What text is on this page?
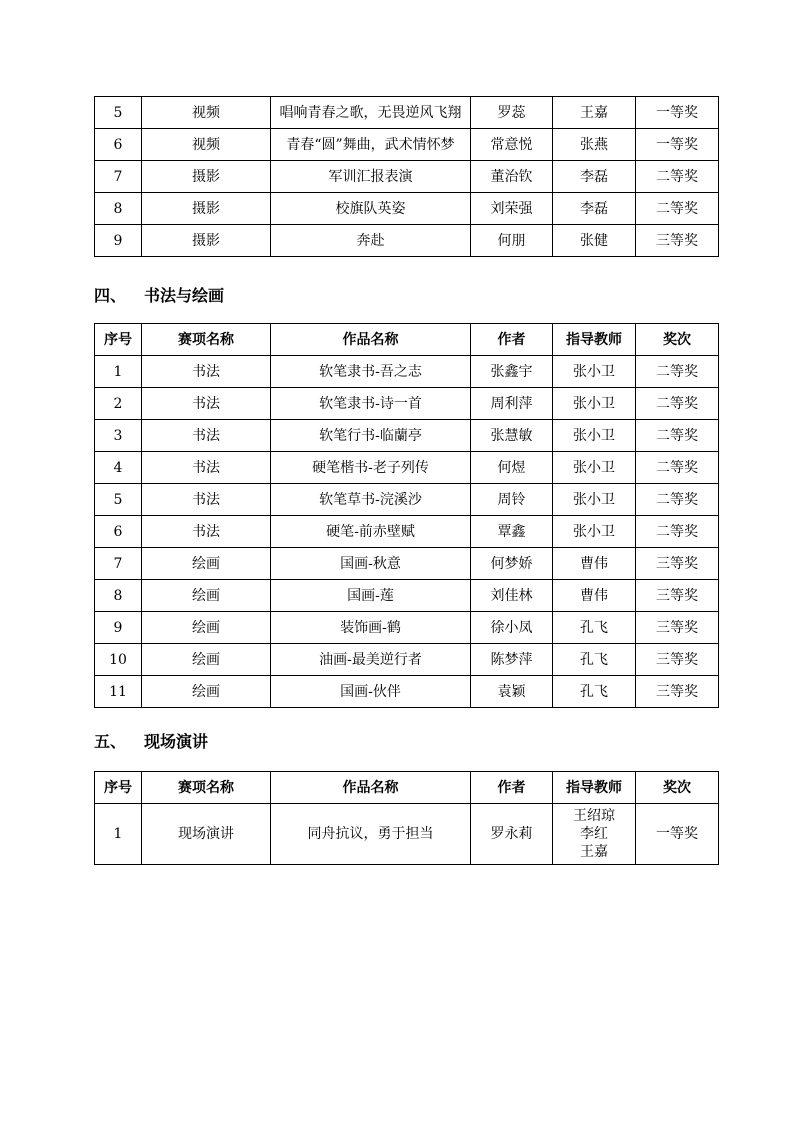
5	视频	唱响青春之歌，无畏逆风飞翔	罗蕊	王嘉	一等奖
6	视频	青春“圆”舞曲，武术情怀梦	常意悦	张燕	一等奖
7	摄影	军训汇报表演	董治钦	李磊	二等奖
8	摄影	校旗队英姿	刘荣强	李磊	二等奖
9	摄影	奔赴	何朋	张健	三等奖
四、 书法与绘画
序号	赛项名称	作品名称	作者	指导教师	奖次
1	书法	软笔隶书-吾之志	张鑫宇	张小卫	二等奖
2	书法	软笔隶书-诗一首	周利萍	张小卫	二等奖
3	书法	软笔行书-临蘭亭	张慧敏	张小卫	二等奖
4	书法	硬笔楷书-老子列传	何煜	张小卫	二等奖
5	书法	软笔草书-浣溪沙	周铃	张小卫	二等奖
6	书法	硬笔-前赤壁赋	覃鑫	张小卫	二等奖
7	绘画	国画-秋意	何梦娇	曹伟	三等奖
8	绘画	国画-莲	刘佳林	曹伟	三等奖
9	绘画	装饰画-鹤	徐小凤	孔飞	三等奖
10	绘画	油画-最美逆行者	陈梦萍	孔飞	三等奖
11	绘画	国画-伙伴	袁颖	孔飞	三等奖
五、 现场演讲
序号	赛项名称	作品名称	作者	指导教师	奖次
1	现场演讲	同舟抗议，勇于担当	罗永莉	王绍琼
李红
王嘉	一等奖
